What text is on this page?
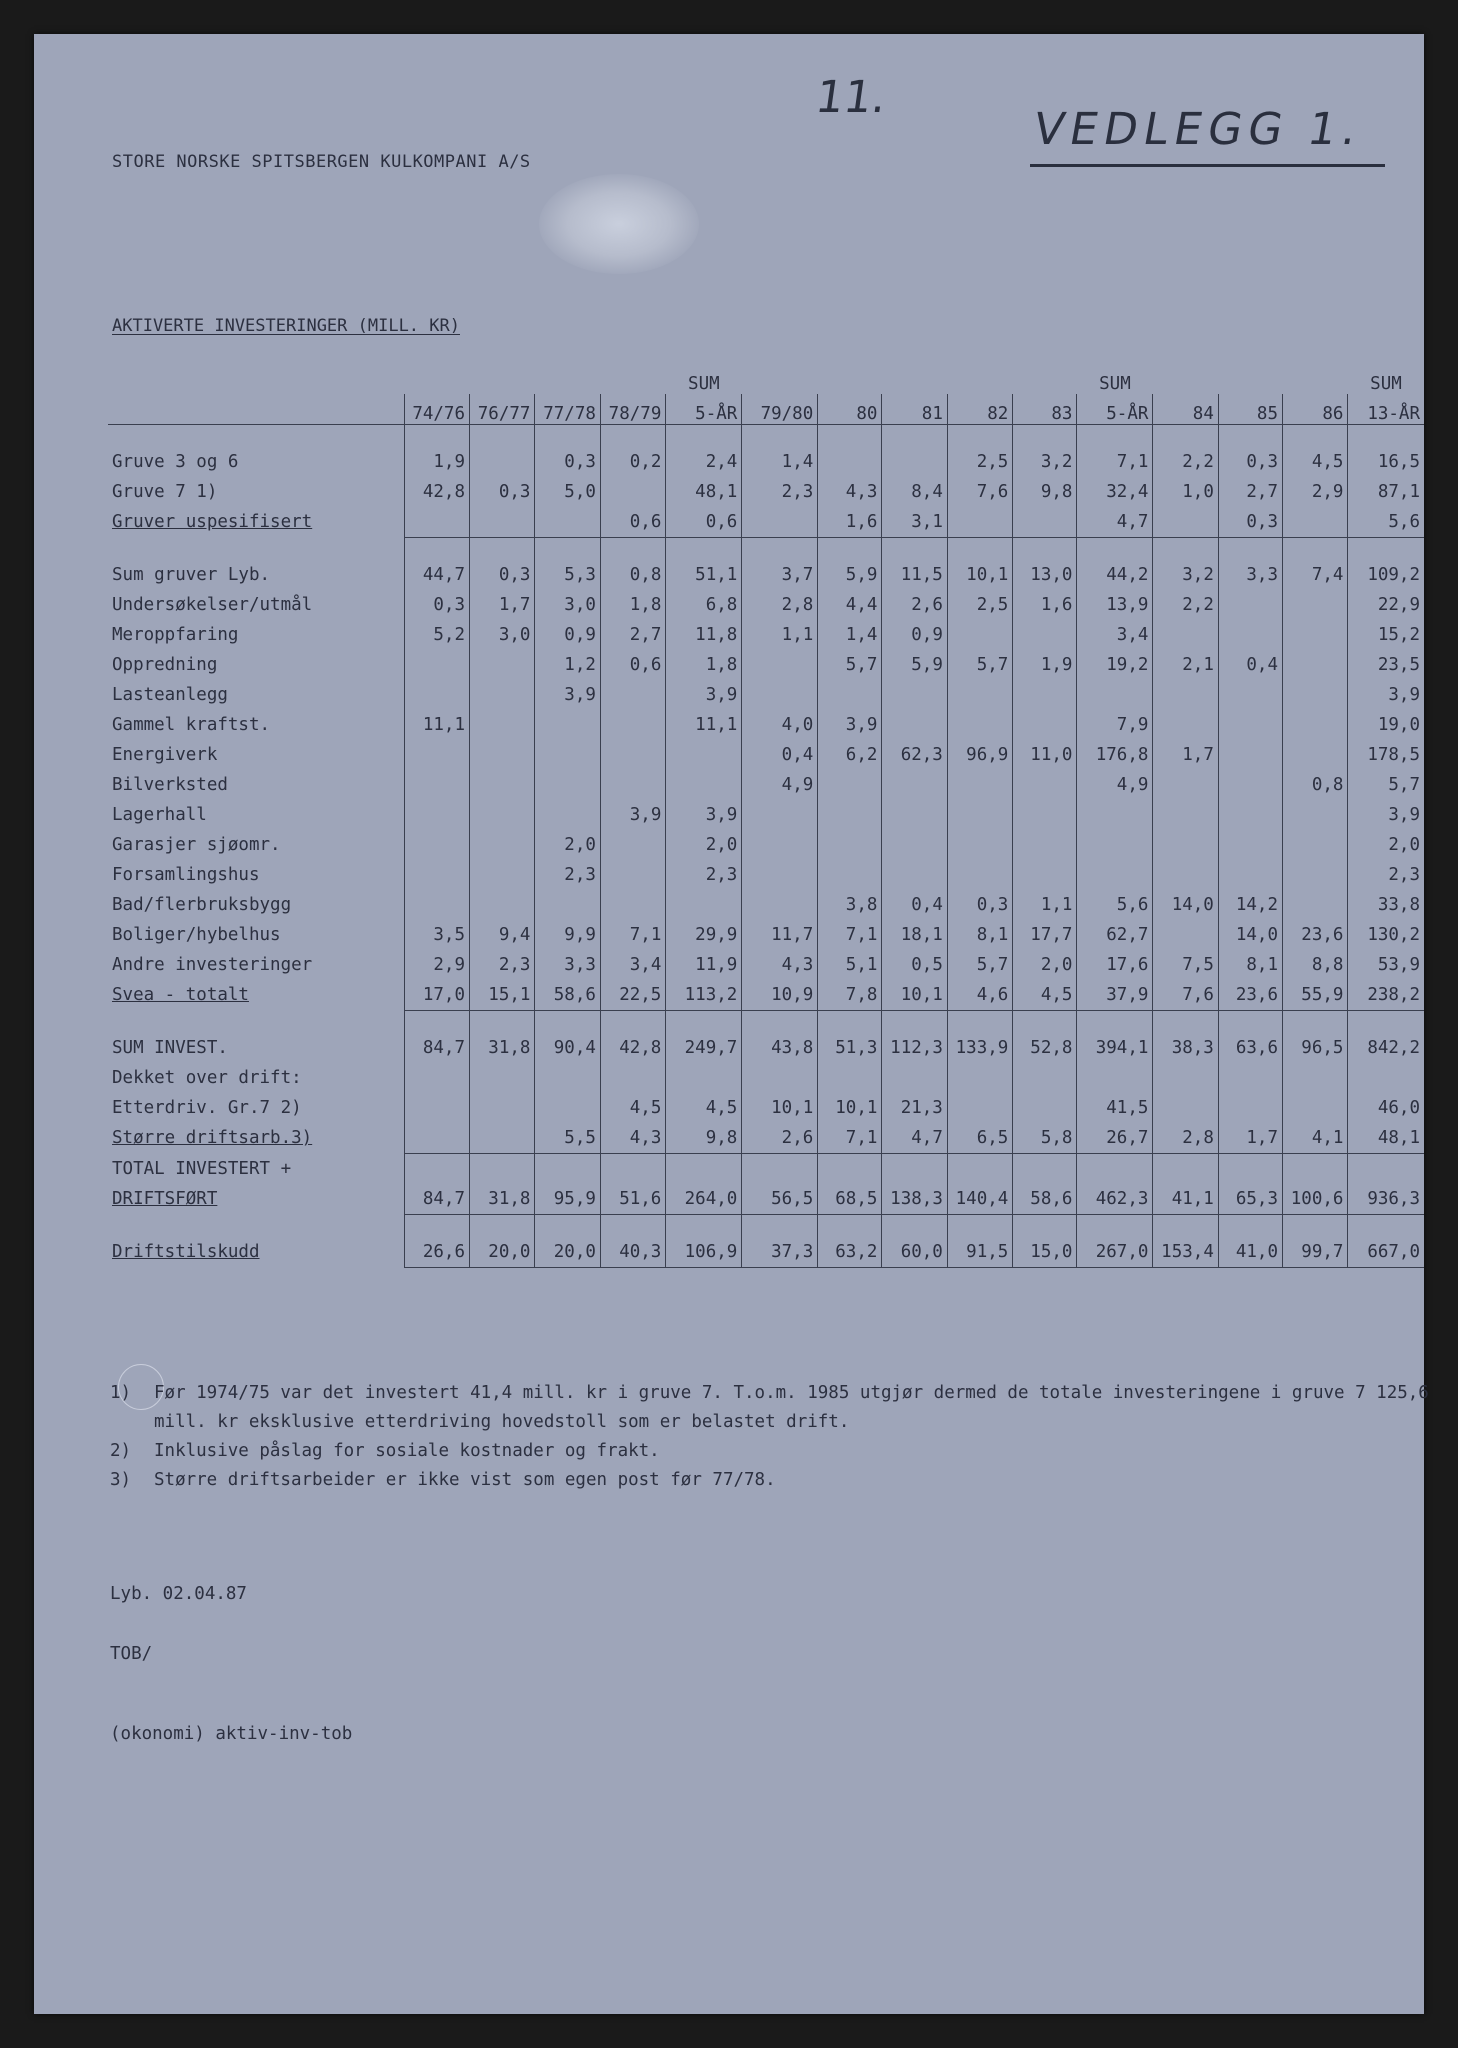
11.
VEDLEGG 1.
STORE NORSKE SPITSBERGEN KULKOMPANI A/S
AKTIVERTE INVESTERINGER (MILL. KR)
					SUM						SUM				SUM
	74/76	76/77	77/78	78/79	5-ÅR	79/80	80	81	82	83	5-ÅR	84	85	86	13-ÅR

Gruve 3 og 6	1,9		0,3	0,2	2,4	1,4			2,5	3,2	7,1	2,2	0,3	4,5	16,5
Gruve 7 1)	42,8	0,3	5,0		48,1	2,3	4,3	8,4	7,6	9,8	32,4	1,0	2,7	2,9	87,1
Gruver uspesifisert				0,6	0,6		1,6	3,1			4,7		0,3		5,6

Sum gruver Lyb.	44,7	0,3	5,3	0,8	51,1	3,7	5,9	11,5	10,1	13,0	44,2	3,2	3,3	7,4	109,2
Undersøkelser/utmål	0,3	1,7	3,0	1,8	6,8	2,8	4,4	2,6	2,5	1,6	13,9	2,2			22,9
Meroppfaring	5,2	3,0	0,9	2,7	11,8	1,1	1,4	0,9			3,4				15,2
Oppredning			1,2	0,6	1,8		5,7	5,9	5,7	1,9	19,2	2,1	0,4		23,5
Lasteanlegg			3,9		3,9										3,9
Gammel kraftst.	11,1				11,1	4,0	3,9				7,9				19,0
Energiverk						0,4	6,2	62,3	96,9	11,0	176,8	1,7			178,5
Bilverksted						4,9					4,9			0,8	5,7
Lagerhall				3,9	3,9										3,9
Garasjer sjøomr.			2,0		2,0										2,0
Forsamlingshus			2,3		2,3										2,3
Bad/flerbruksbygg							3,8	0,4	0,3	1,1	5,6	14,0	14,2		33,8
Boliger/hybelhus	3,5	9,4	9,9	7,1	29,9	11,7	7,1	18,1	8,1	17,7	62,7		14,0	23,6	130,2
Andre investeringer	2,9	2,3	3,3	3,4	11,9	4,3	5,1	0,5	5,7	2,0	17,6	7,5	8,1	8,8	53,9
Svea - totalt	17,0	15,1	58,6	22,5	113,2	10,9	7,8	10,1	4,6	4,5	37,9	7,6	23,6	55,9	238,2

SUM INVEST.	84,7	31,8	90,4	42,8	249,7	43,8	51,3	112,3	133,9	52,8	394,1	38,3	63,6	96,5	842,2
Dekket over drift:															
Etterdriv. Gr.7 2)				4,5	4,5	10,1	10,1	21,3			41,5				46,0
Større driftsarb.3)			5,5	4,3	9,8	2,6	7,1	4,7	6,5	5,8	26,7	2,8	1,7	4,1	48,1
TOTAL INVESTERT +															
DRIFTSFØRT	84,7	31,8	95,9	51,6	264,0	56,5	68,5	138,3	140,4	58,6	462,3	41,1	65,3	100,6	936,3

Driftstilskudd	26,6	20,0	20,0	40,3	106,9	37,3	63,2	60,0	91,5	15,0	267,0	153,4	41,0	99,7	667,0
1)	Før 1974/75 var det investert 41,4 mill. kr i gruve 7. T.o.m. 1985 utgjør dermed de totale investeringene i gruve 7 125,6 mill. kr eksklusive etterdriving hovedstoll som er belastet drift.
2)	Inklusive påslag for sosiale kostnader og frakt.
3)	Større driftsarbeider er ikke vist som egen post før 77/78.
Lyb. 02.04.87
TOB/
(okonomi) aktiv-inv-tob
